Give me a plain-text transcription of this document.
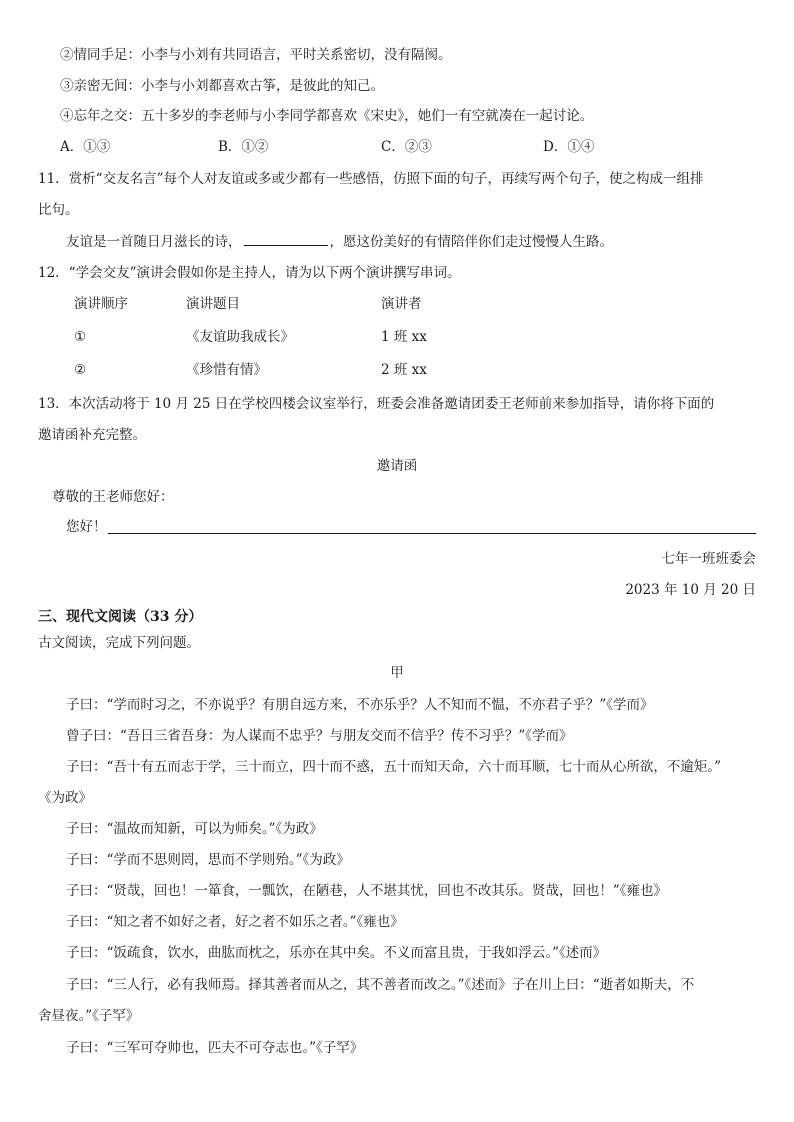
②情同手足：小李与小刘有共同语言，平时关系密切，没有隔阂。
③亲密无间：小李与小刘都喜欢古筝，是彼此的知己。
④忘年之交：五十多岁的李老师与小李同学都喜欢《宋史》，她们一有空就凑在一起讨论。
A．①③	B．①②	C．②③	D．①④
11．赏析“交友名言”每个人对友谊或多或少都有一些感悟，仿照下面的句子，再续写两个句子，使之构成一组排
比句。
友谊是一首随日月滋长的诗，	，愿这份美好的有情陪伴你们走过慢慢人生路。
12．“学会交友”演讲会假如你是主持人，请为以下两个演讲撰写串词。
演讲顺序	演讲题目	演讲者
①	《友谊助我成长》	1 班 xx
②	《珍惜有情》	2 班 xx
13．本次活动将于 10 月 25 日在学校四楼会议室举行，班委会准备邀请团委王老师前来参加指导，请你将下面的
邀请函补充完整。
邀请函
尊敬的王老师您好：
您好！
七年一班班委会
2023 年 10 月 20 日
三、现代文阅读（33 分）
古文阅读，完成下列问题。
甲
子曰：“学而时习之，不亦说乎？有朋自远方来，不亦乐乎？人不知而不愠，不亦君子乎？”《学而》
曾子曰：“吾日三省吾身：为人谋而不忠乎？与朋友交而不信乎？传不习乎？”《学而》
子曰：“吾十有五而志于学，三十而立，四十而不惑，五十而知天命，六十而耳顺，七十而从心所欲，不逾矩。”
《为政》
子曰：“温故而知新，可以为师矣。”《为政》
子曰：“学而不思则罔，思而不学则殆。”《为政》
子曰：“贤哉，回也！一箪食，一瓢饮，在陋巷，人不堪其忧，回也不改其乐。贤哉，回也！”《雍也》
子曰：“知之者不如好之者，好之者不如乐之者。”《雍也》
子曰：“饭疏食，饮水，曲肱而枕之，乐亦在其中矣。不义而富且贵，于我如浮云。”《述而》
子曰：“三人行，必有我师焉。择其善者而从之，其不善者而改之。”《述而》子在川上曰：“逝者如斯夫，不
舍昼夜。”《子罕》
子曰：“三军可夺帅也，匹夫不可夺志也。”《子罕》
